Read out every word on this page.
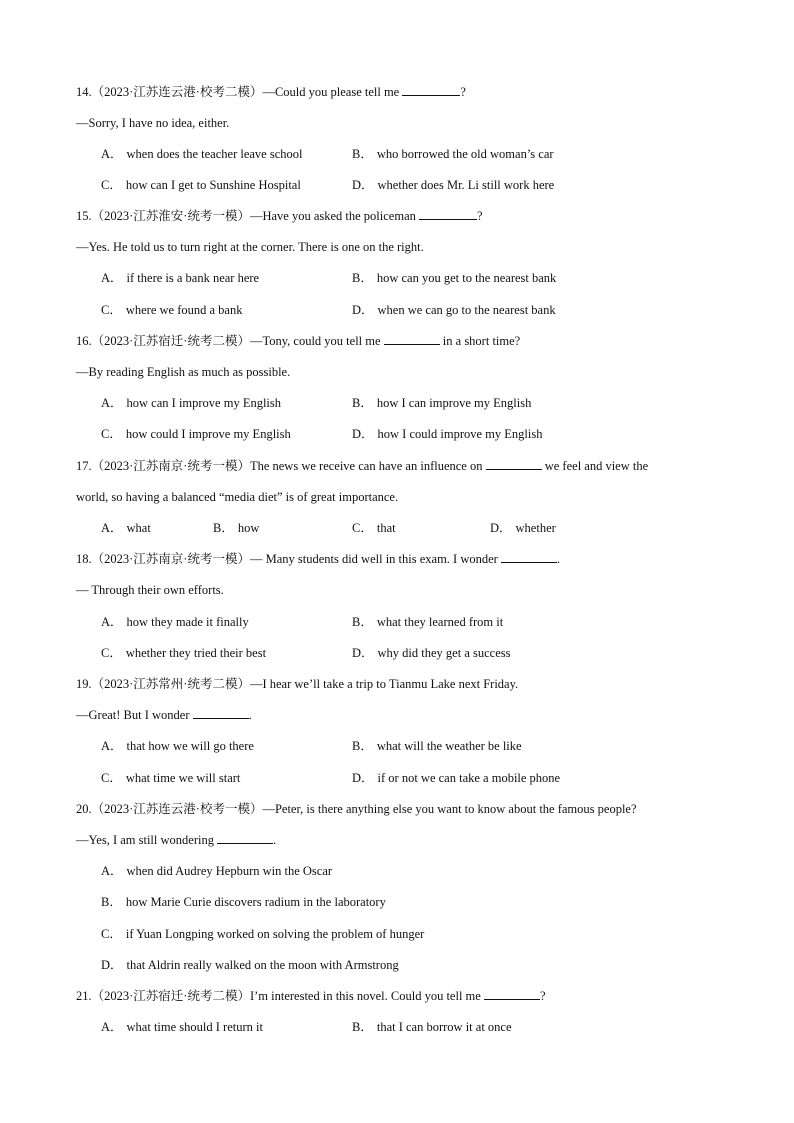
14.（2023·江苏连云港·校考二模）—Could you please tell me	?
—Sorry, I have no idea, either.
A． when does the teacher leave school	B． who borrowed the old woman’s car
C． how can I get to Sunshine Hospital	D． whether does Mr. Li still work here
15.（2023·江苏淮安·统考一模）—Have you asked the policeman	?
—Yes. He told us to turn right at the corner. There is one on the right.
A． if there is a bank near here	B． how can you get to the nearest bank
C． where we found a bank	D． when we can go to the nearest bank
16.（2023·江苏宿迁·统考二模）—Tony, could you tell me	in a short time?
—By reading English as much as possible.
A． how can I improve my English	B． how I can improve my English
C． how could I improve my English	D． how I could improve my English
17.（2023·江苏南京·统考一模）The news we receive can have an influence on	we feel and view the
world, so having a balanced “media diet” is of great importance.
A． what	B． how	C． that	D． whether
18.（2023·江苏南京·统考一模）— Many students did well in this exam. I wonder	.
— Through their own efforts.
A． how they made it finally	B． what they learned from it
C． whether they tried their best	D． why did they get a success
19.（2023·江苏常州·统考二模）—I hear we’ll take a trip to Tianmu Lake next Friday.
—Great! But I wonder	.
A． that how we will go there	B． what will the weather be like
C． what time we will start	D． if or not we can take a mobile phone
20.（2023·江苏连云港·校考一模）—Peter, is there anything else you want to know about the famous people?
—Yes, I am still wondering	.
A． when did Audrey Hepburn win the Oscar
B． how Marie Curie discovers radium in the laboratory
C． if Yuan Longping worked on solving the problem of hunger
D． that Aldrin really walked on the moon with Armstrong
21.（2023·江苏宿迁·统考二模）I’m interested in this novel. Could you tell me	?
A． what time should I return it	B． that I can borrow it at once
